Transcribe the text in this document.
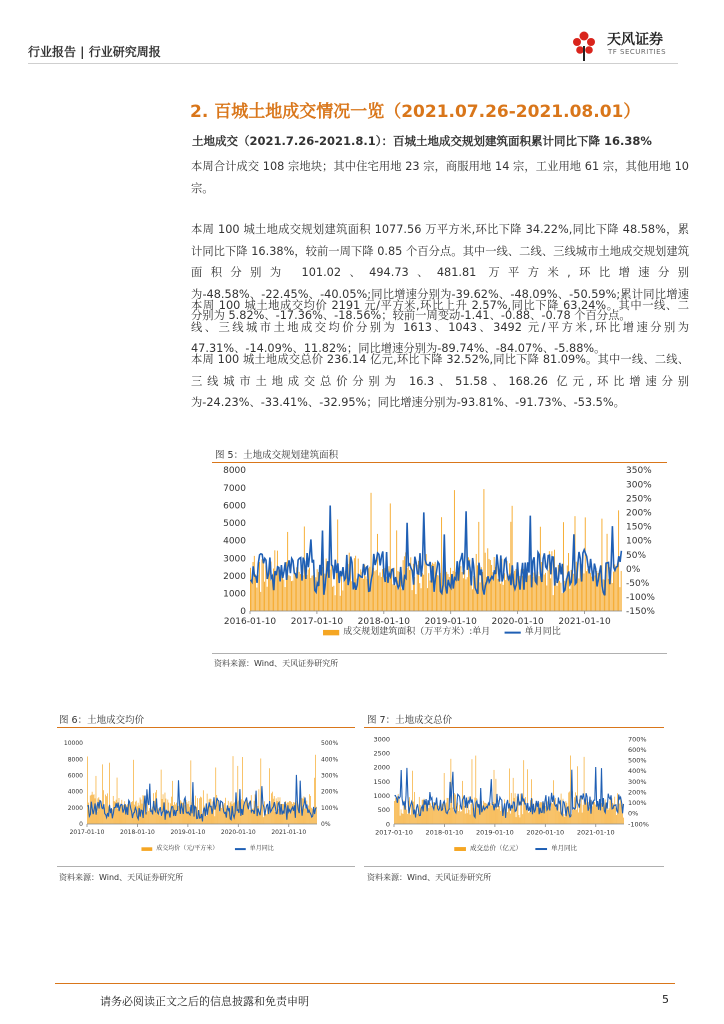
行业报告 | 行业研究周报
天风证券
TF SECURITIES
2. 百城土地成交情况一览（2021.07.26-2021.08.01）
土地成交（2021.7.26-2021.8.1）：百城土地成交规划建筑面积累计同比下降 16.38%
本周合计成交 108 宗地块；其中住宅用地 23 宗，商服用地 14 宗，工业用地 61 宗，其他用地 10 宗。
本周 100 城土地成交规划建筑面积 1077.56 万平方米,环比下降 34.22%,同比下降 48.58%，累计同比下降 16.38%，较前一周下降 0.85 个百分点。其中一线、二线、三线城市土地成交规划建筑面积分别为 101.02、494.73、481.81 万平方米,环比增速分别为-48.58%、-22.45%、-40.05%;同比增速分别为-39.62%、-48.09%、-50.59%;累计同比增速分别为 5.82%、-17.36%、-18.56%；较前一周变动-1.41、-0.88、-0.78 个百分点。
本周 100 城土地成交均价 2191 元/平方米,环比上升 2.57%,同比下降 63.24%。其中一线、二线、三线城市土地成交均价分别为 1613、1043、3492 元/平方米,环比增速分别为 47.31%、-14.09%、11.82%；同比增速分别为-89.74%、-84.07%、-5.88%。
本周 100 城土地成交总价 236.14 亿元,环比下降 32.52%,同比下降 81.09%。其中一线、二线、三线城市土地成交总价分别为 16.3、51.58、168.26 亿元,环比增速分别为-24.23%、-33.41%、-32.95%；同比增速分别为-93.81%、-91.73%、-53.5%。
图 5：土地成交规划建筑面积
0
1000
2000
3000
4000
5000
6000
7000
8000
-150%
-100%
-50%
0%
50%
100%
150%
200%
250%
300%
350%
2016-01-10 2017-01-10 2018-01-10 2019-01-10 2020-01-10 2021-01-10
成交规划建筑面积（万平方米）:单月	单月同比
资料来源：Wind、天风证券研究所
图 6：土地成交均价
0
2000
4000
6000
8000
10000
0%
100%
200%
300%
400%
500%
2017-01-10	2018-01-10	2019-01-10	2020-01-10	2021-01-10
成交均价（元/平方米）	单月同比
资料来源：Wind、天风证券研究所
图 7：土地成交总价
0
500
1000
1500
2000
2500
3000
-100%
0%
100%
200%
300%
400%
500%
600%
700%
2017-01-10 2018-01-10 2019-01-10 2020-01-10 2021-01-10
成交总价（亿元）	单月同比
资料来源：Wind、天风证券研究所
请务必阅读正文之后的信息披露和免责申明	5
